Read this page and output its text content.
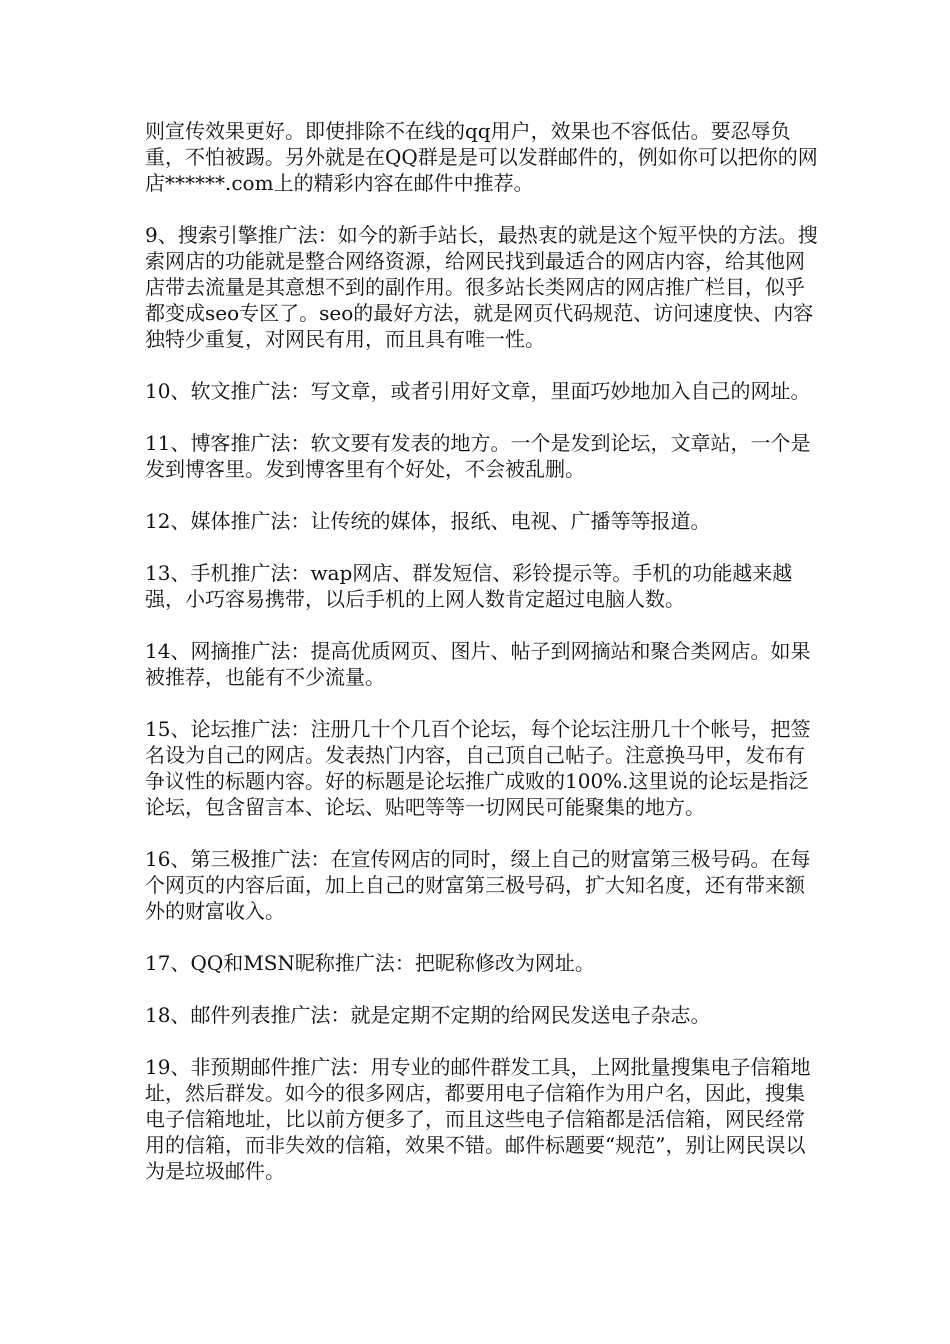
则宣传效果更好。即使排除不在线的qq用户，效果也不容低估。要忍辱负重，不怕被踢。另外就是在QQ群是是可以发群邮件的，例如你可以把你的网店******.com上的精彩内容在邮件中推荐。

9、搜索引擎推广法：如今的新手站长，最热衷的就是这个短平快的方法。搜索网店的功能就是整合网络资源，给网民找到最适合的网店内容，给其他网店带去流量是其意想不到的副作用。很多站长类网店的网店推广栏目，似乎都变成seo专区了。seo的最好方法，就是网页代码规范、访问速度快、内容独特少重复，对网民有用，而且具有唯一性。

10、软文推广法：写文章，或者引用好文章，里面巧妙地加入自己的网址。

11、博客推广法：软文要有发表的地方。一个是发到论坛，文章站，一个是发到博客里。发到博客里有个好处，不会被乱删。

12、媒体推广法：让传统的媒体，报纸、电视、广播等等报道。

13、手机推广法：wap网店、群发短信、彩铃提示等。手机的功能越来越强，小巧容易携带，以后手机的上网人数肯定超过电脑人数。

14、网摘推广法：提高优质网页、图片、帖子到网摘站和聚合类网店。如果被推荐，也能有不少流量。

15、论坛推广法：注册几十个几百个论坛，每个论坛注册几十个帐号，把签名设为自己的网店。发表热门内容，自己顶自己帖子。注意换马甲，发布有争议性的标题内容。好的标题是论坛推广成败的100%.这里说的论坛是指泛论坛，包含留言本、论坛、贴吧等等一切网民可能聚集的地方。

16、第三极推广法：在宣传网店的同时，缀上自己的财富第三极号码。在每个网页的内容后面，加上自己的财富第三极号码，扩大知名度，还有带来额外的财富收入。

17、QQ和MSN昵称推广法：把昵称修改为网址。

18、邮件列表推广法：就是定期不定期的给网民发送电子杂志。

19、非预期邮件推广法：用专业的邮件群发工具，上网批量搜集电子信箱地址，然后群发。如今的很多网店，都要用电子信箱作为用户名，因此，搜集电子信箱地址，比以前方便多了，而且这些电子信箱都是活信箱，网民经常用的信箱，而非失效的信箱，效果不错。邮件标题要“规范”，别让网民误以为是垃圾邮件。
